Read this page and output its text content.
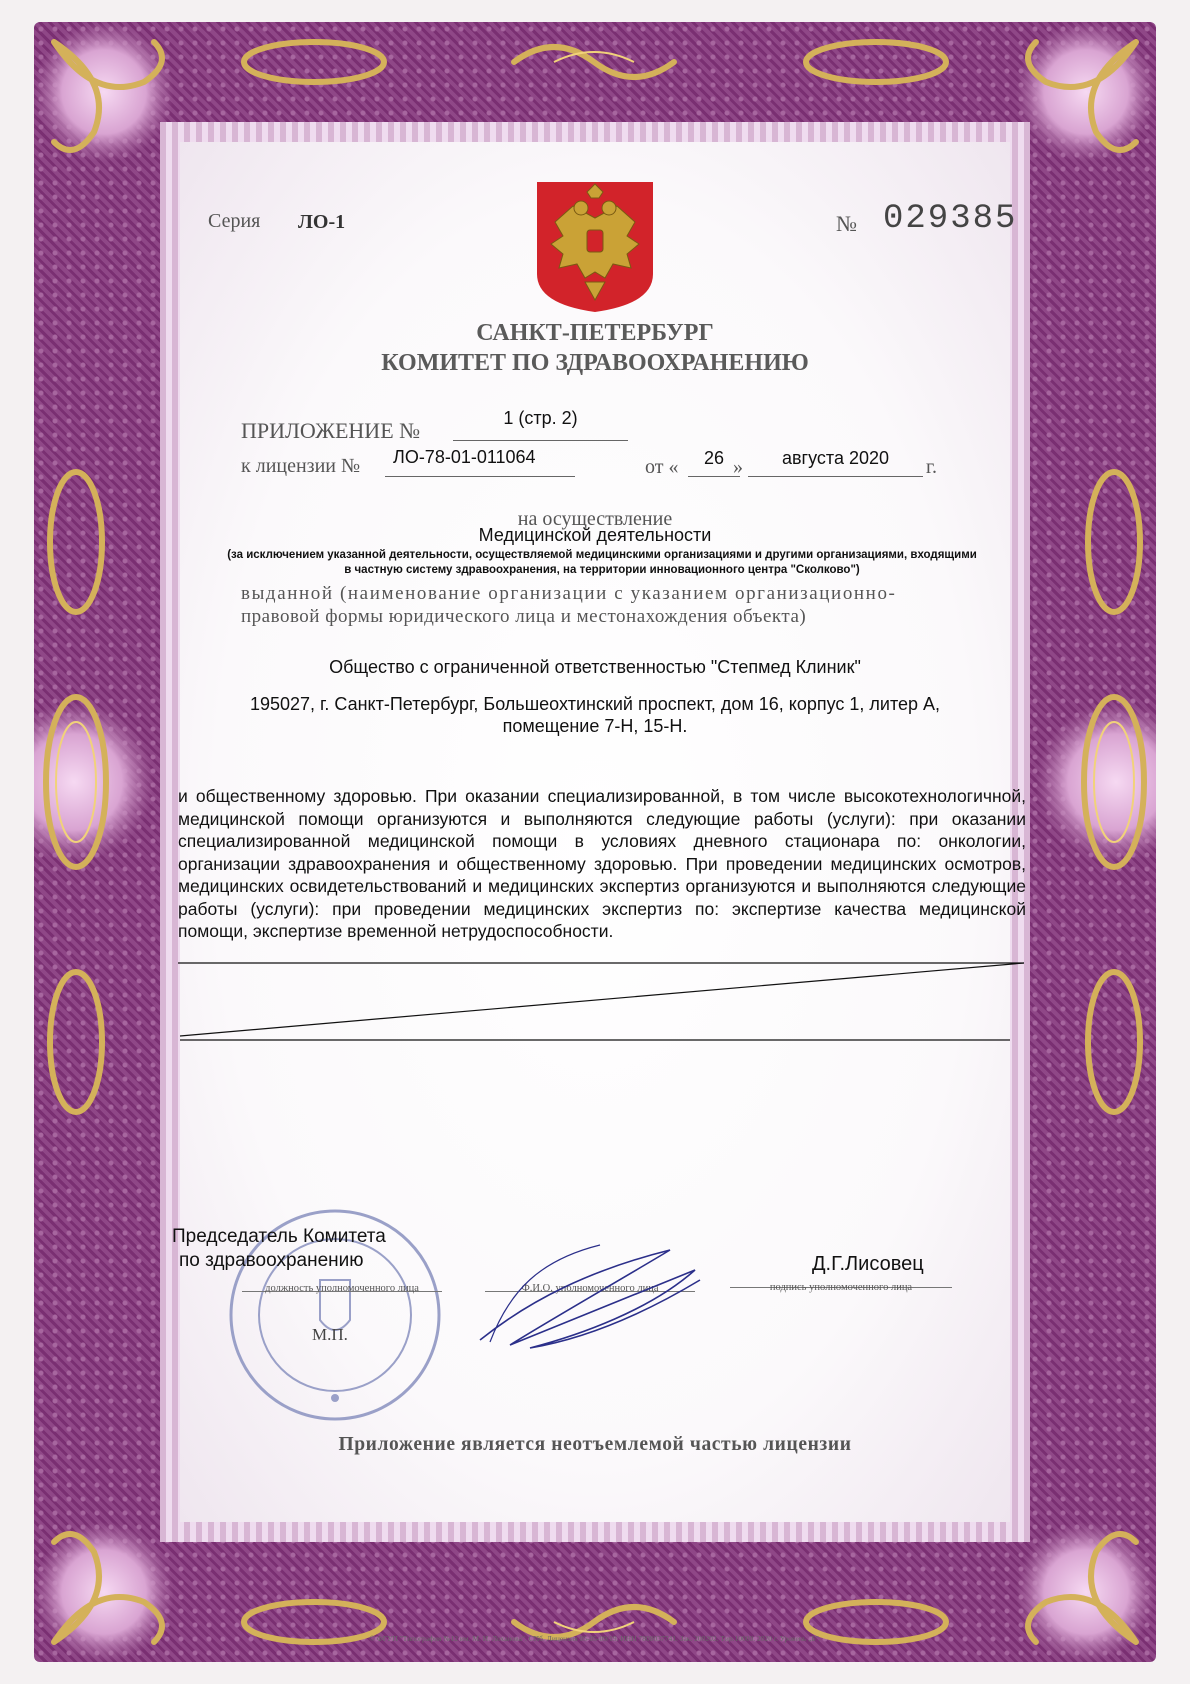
Серия ЛО-1	№ 029385
САНКТ-ПЕТЕРБУРГ
КОМИТЕТ ПО ЗДРАВООХРАНЕНИЮ
ПРИЛОЖЕНИЕ №	1 (стр. 2)
к лицензии № ЛО-78-01-011064	от «	26 »	августа 2020	г.
на осуществление
Медицинской деятельности
(за исключением указанной деятельности, осуществляемой медицинскими организациями и другими организациями, входящими
в частную систему здравоохранения, на территории инновационного центра "Сколково")
выданной (наименование организации с указанием организационно-
правовой формы юридического лица и местонахождения объекта)
Общество с ограниченной ответственностью "Степмед Клиник"
195027, г. Санкт-Петербург, Большеохтинский проспект, дом 16, корпус 1, литер А,
помещение 7-Н, 15-Н.
и общественному здоровью. При оказании специализированной, в том числе высокотехнологичной, медицинской помощи организуются и выполняются следующие работы (услуги): при оказании специализированной медицинской помощи в условиях дневного стационара по: онкологии, организации здравоохранения и общественному здоровью. При проведении медицинских осмотров, медицинских освидетельствований и медицинских экспертиз организуются и выполняются следующие работы (услуги): при проведении медицинских экспертиз по: экспертизе качества медицинской помощи, экспертизе временной нетрудоспособности.
Председатель Комитета
по здравоохранению
должность уполномоченного лица	Ф.И.О. уполномоченного лица
Д.Г.Лисовец
подпись уполномоченного лица
М.П.
Приложение является неотъемлемой частью лицензии
© ФГУП "Типография №12 им. М. И. Лоханова". СПб. Лицензия 05-05-09/19. ИНН 7808037741. Зак. 200202. Тир.10000. 2020 г. Уровень „Б".
